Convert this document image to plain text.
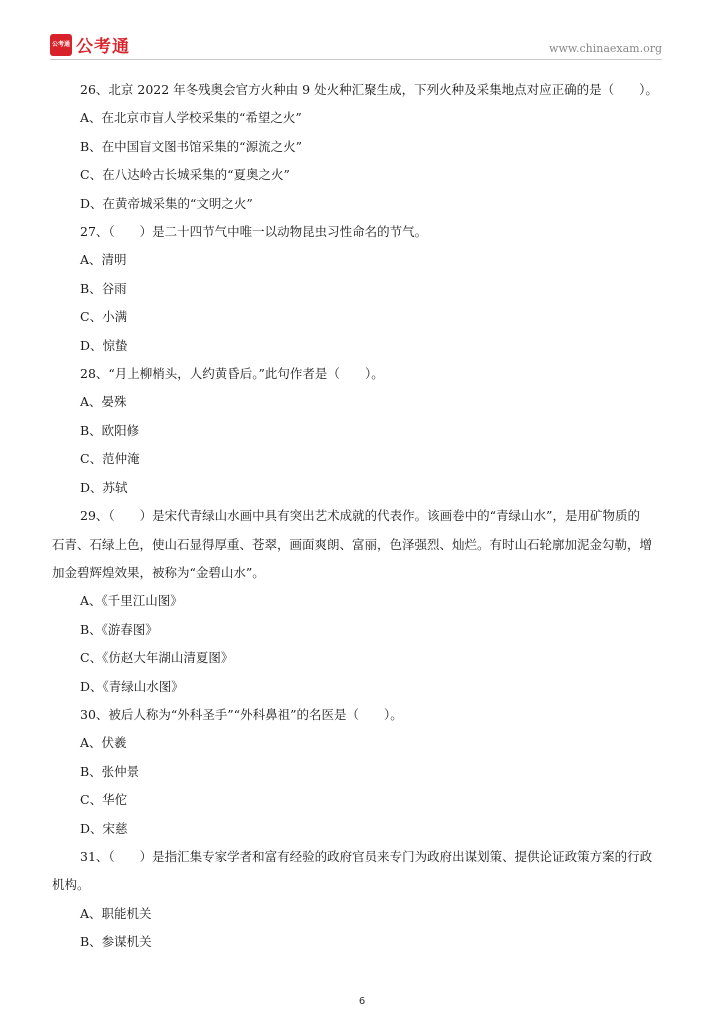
公考通 公考通	www.chinaexam.org

26、北京 2022 年冬残奥会官方火种由 9 处火种汇聚生成，下列火种及采集地点对应正确的是（　　）。

A、在北京市盲人学校采集的“希望之火”

B、在中国盲文图书馆采集的“源流之火”

C、在八达岭古长城采集的“夏奥之火”

D、在黄帝城采集的“文明之火”

27、（　　）是二十四节气中唯一以动物昆虫习性命名的节气。

A、清明

B、谷雨

C、小满

D、惊蛰

28、“月上柳梢头，人约黄昏后。”此句作者是（　　）。

A、晏殊

B、欧阳修

C、范仲淹

D、苏轼

29、（　　）是宋代青绿山水画中具有突出艺术成就的代表作。该画卷中的“青绿山水”，是用矿物质的

石青、石绿上色，使山石显得厚重、苍翠，画面爽朗、富丽，色泽强烈、灿烂。有时山石轮廓加泥金勾勒，增

加金碧辉煌效果，被称为“金碧山水”。

A、《千里江山图》

B、《游春图》

C、《仿赵大年湖山清夏图》

D、《青绿山水图》

30、被后人称为“外科圣手”“外科鼻祖”的名医是（　　）。

A、伏羲

B、张仲景

C、华佗

D、宋慈

31、（　　）是指汇集专家学者和富有经验的政府官员来专门为政府出谋划策、提供论证政策方案的行政

机构。

A、职能机关

B、参谋机关

6
